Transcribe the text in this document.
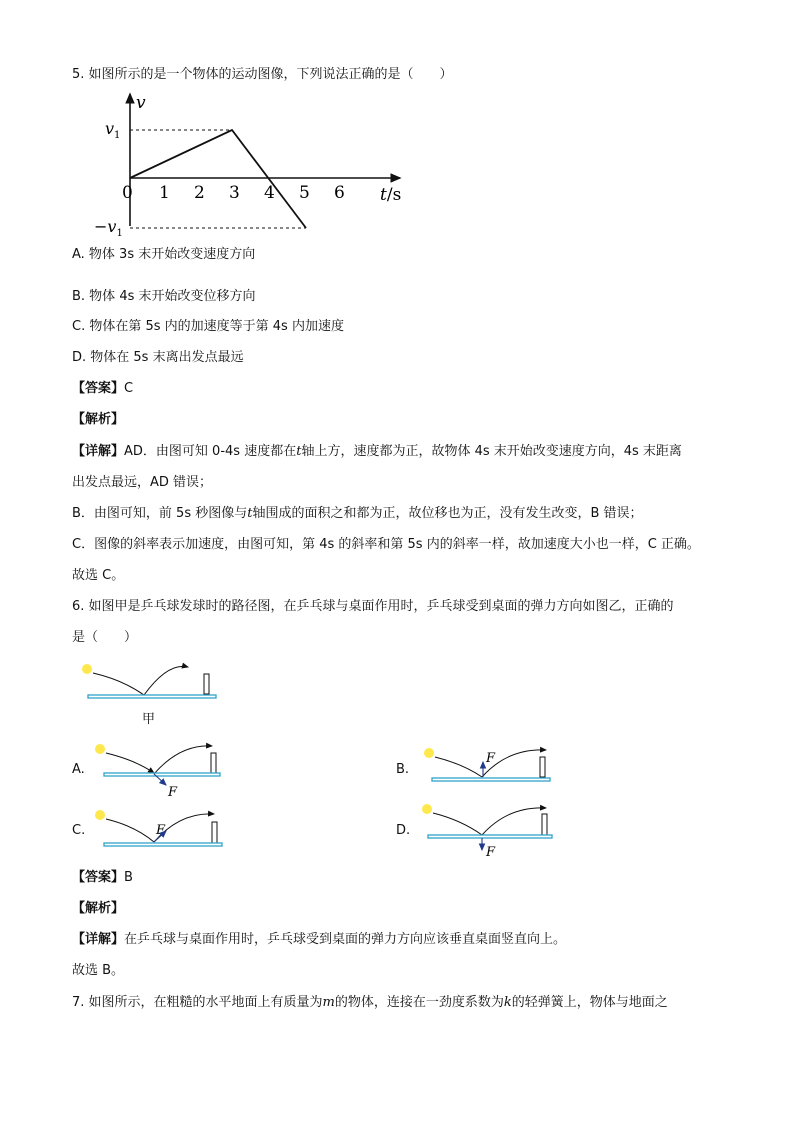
5. 如图所示的是一个物体的运动图像，下列说法正确的是（　　）
v
$v_1$
$-v_1$
0 1 2 3 4 5 6 t/s
A. 物体 3s 末开始改变速度方向
B. 物体 4s 末开始改变位移方向
C. 物体在第 5s 内的加速度等于第 4s 内加速度
D. 物体在 5s 末离出发点最远
【答案】C
【解析】
【详解】AD．由图可知 0-4s 速度都在t轴上方，速度都为正，故物体 4s 末开始改变速度方向，4s 末距离
出发点最远，AD 错误；
B．由图可知，前 5s 秒图像与t轴围成的面积之和都为正，故位移也为正，没有发生改变，B 错误；
C．图像的斜率表示加速度，由图可知，第 4s 的斜率和第 5s 内的斜率一样，故加速度大小也一样，C 正确。
故选 C。
6. 如图甲是乒乓球发球时的路径图，在乒乓球与桌面作用时，乒乓球受到桌面的弹力方向如图乙，正确的
是（　　）
甲
A.
F
B.
F
C.	F	D.
F
【答案】B
【解析】
【详解】在乒乓球与桌面作用时，乒乓球受到桌面的弹力方向应该垂直桌面竖直向上。
故选 B。
7. 如图所示，在粗糙的水平地面上有质量为m的物体，连接在一劲度系数为k的轻弹簧上，物体与地面之
